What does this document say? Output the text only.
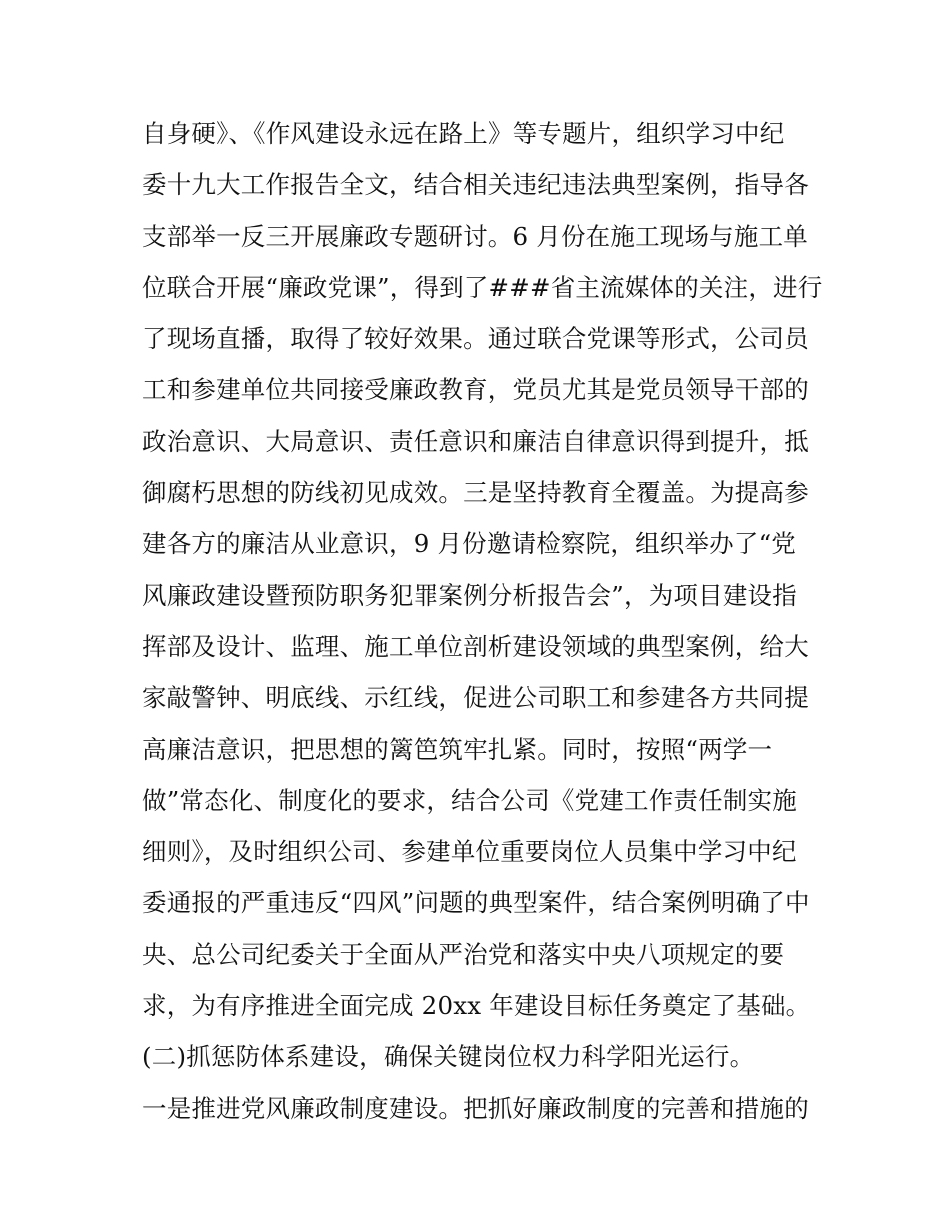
自身硬》、《作风建设永远在路上》等专题片，组织学习中纪
委十九大工作报告全文，结合相关违纪违法典型案例，指导各
支部举一反三开展廉政专题研讨。6 月份在施工现场与施工单
位联合开展“廉政党课”，得到了###省主流媒体的关注，进行
了现场直播，取得了较好效果。通过联合党课等形式，公司员
工和参建单位共同接受廉政教育，党员尤其是党员领导干部的
政治意识、大局意识、责任意识和廉洁自律意识得到提升，抵
御腐朽思想的防线初见成效。三是坚持教育全覆盖。为提高参
建各方的廉洁从业意识，9 月份邀请检察院，组织举办了“党
风廉政建设暨预防职务犯罪案例分析报告会”，为项目建设指
挥部及设计、监理、施工单位剖析建设领域的典型案例，给大
家敲警钟、明底线、示红线，促进公司职工和参建各方共同提
高廉洁意识，把思想的篱笆筑牢扎紧。同时，按照“两学一
做”常态化、制度化的要求，结合公司《党建工作责任制实施
细则》，及时组织公司、参建单位重要岗位人员集中学习中纪
委通报的严重违反“四风”问题的典型案件，结合案例明确了中
央、总公司纪委关于全面从严治党和落实中央八项规定的要
求，为有序推进全面完成 20xx 年建设目标任务奠定了基础。
(二)抓惩防体系建设，确保关键岗位权力科学阳光运行。
一是推进党风廉政制度建设。把抓好廉政制度的完善和措施的
